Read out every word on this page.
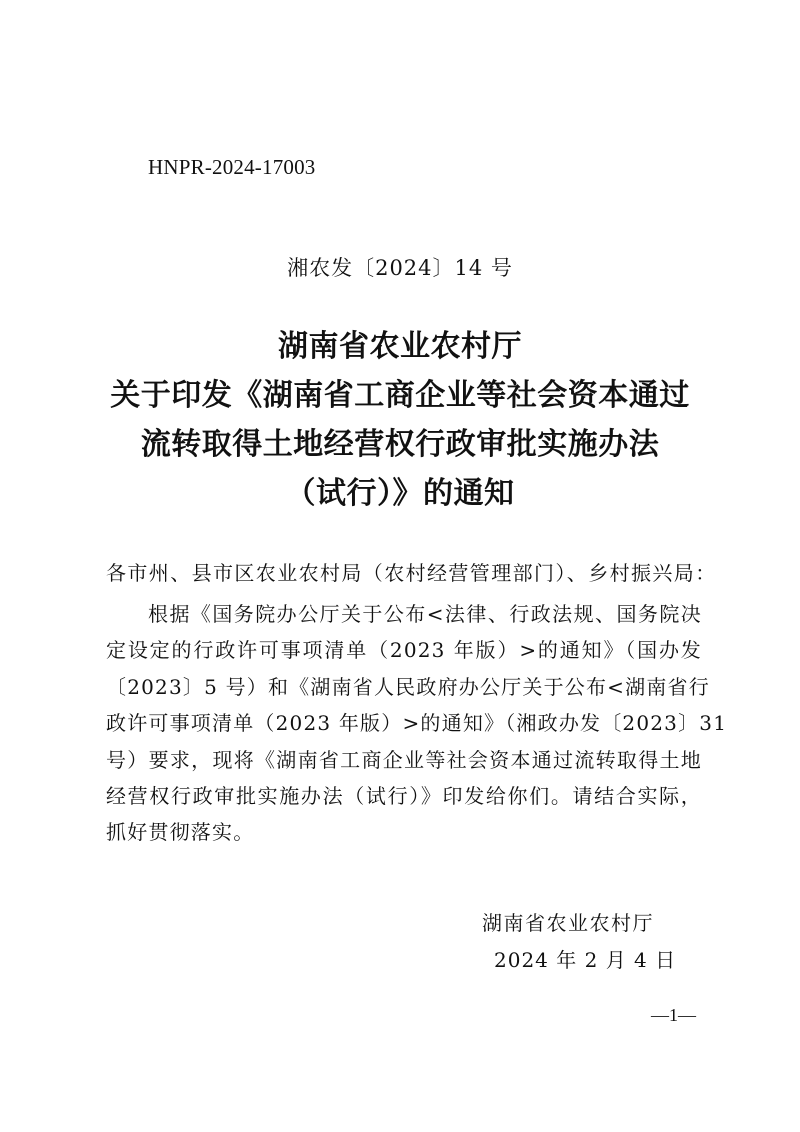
HNPR-2024-17003
湘农发〔2024〕14 号
湖南省农业农村厅
关于印发《湖南省工商企业等社会资本通过
流转取得土地经营权行政审批实施办法
（试行）》的通知
各市州、县市区农业农村局（农村经营管理部门）、乡村振兴局：
根据《国务院办公厅关于公布<法律、行政法规、国务院决
定设定的行政许可事项清单（2023 年版）>的通知》（国办发
〔2023〕5 号）和《湖南省人民政府办公厅关于公布<湖南省行
政许可事项清单（2023 年版）>的通知》（湘政办发〔2023〕31
号）要求，现将《湖南省工商企业等社会资本通过流转取得土地
经营权行政审批实施办法（试行）》印发给你们。请结合实际，
抓好贯彻落实。
湖南省农业农村厅
2024 年 2 月 4 日
—1—
